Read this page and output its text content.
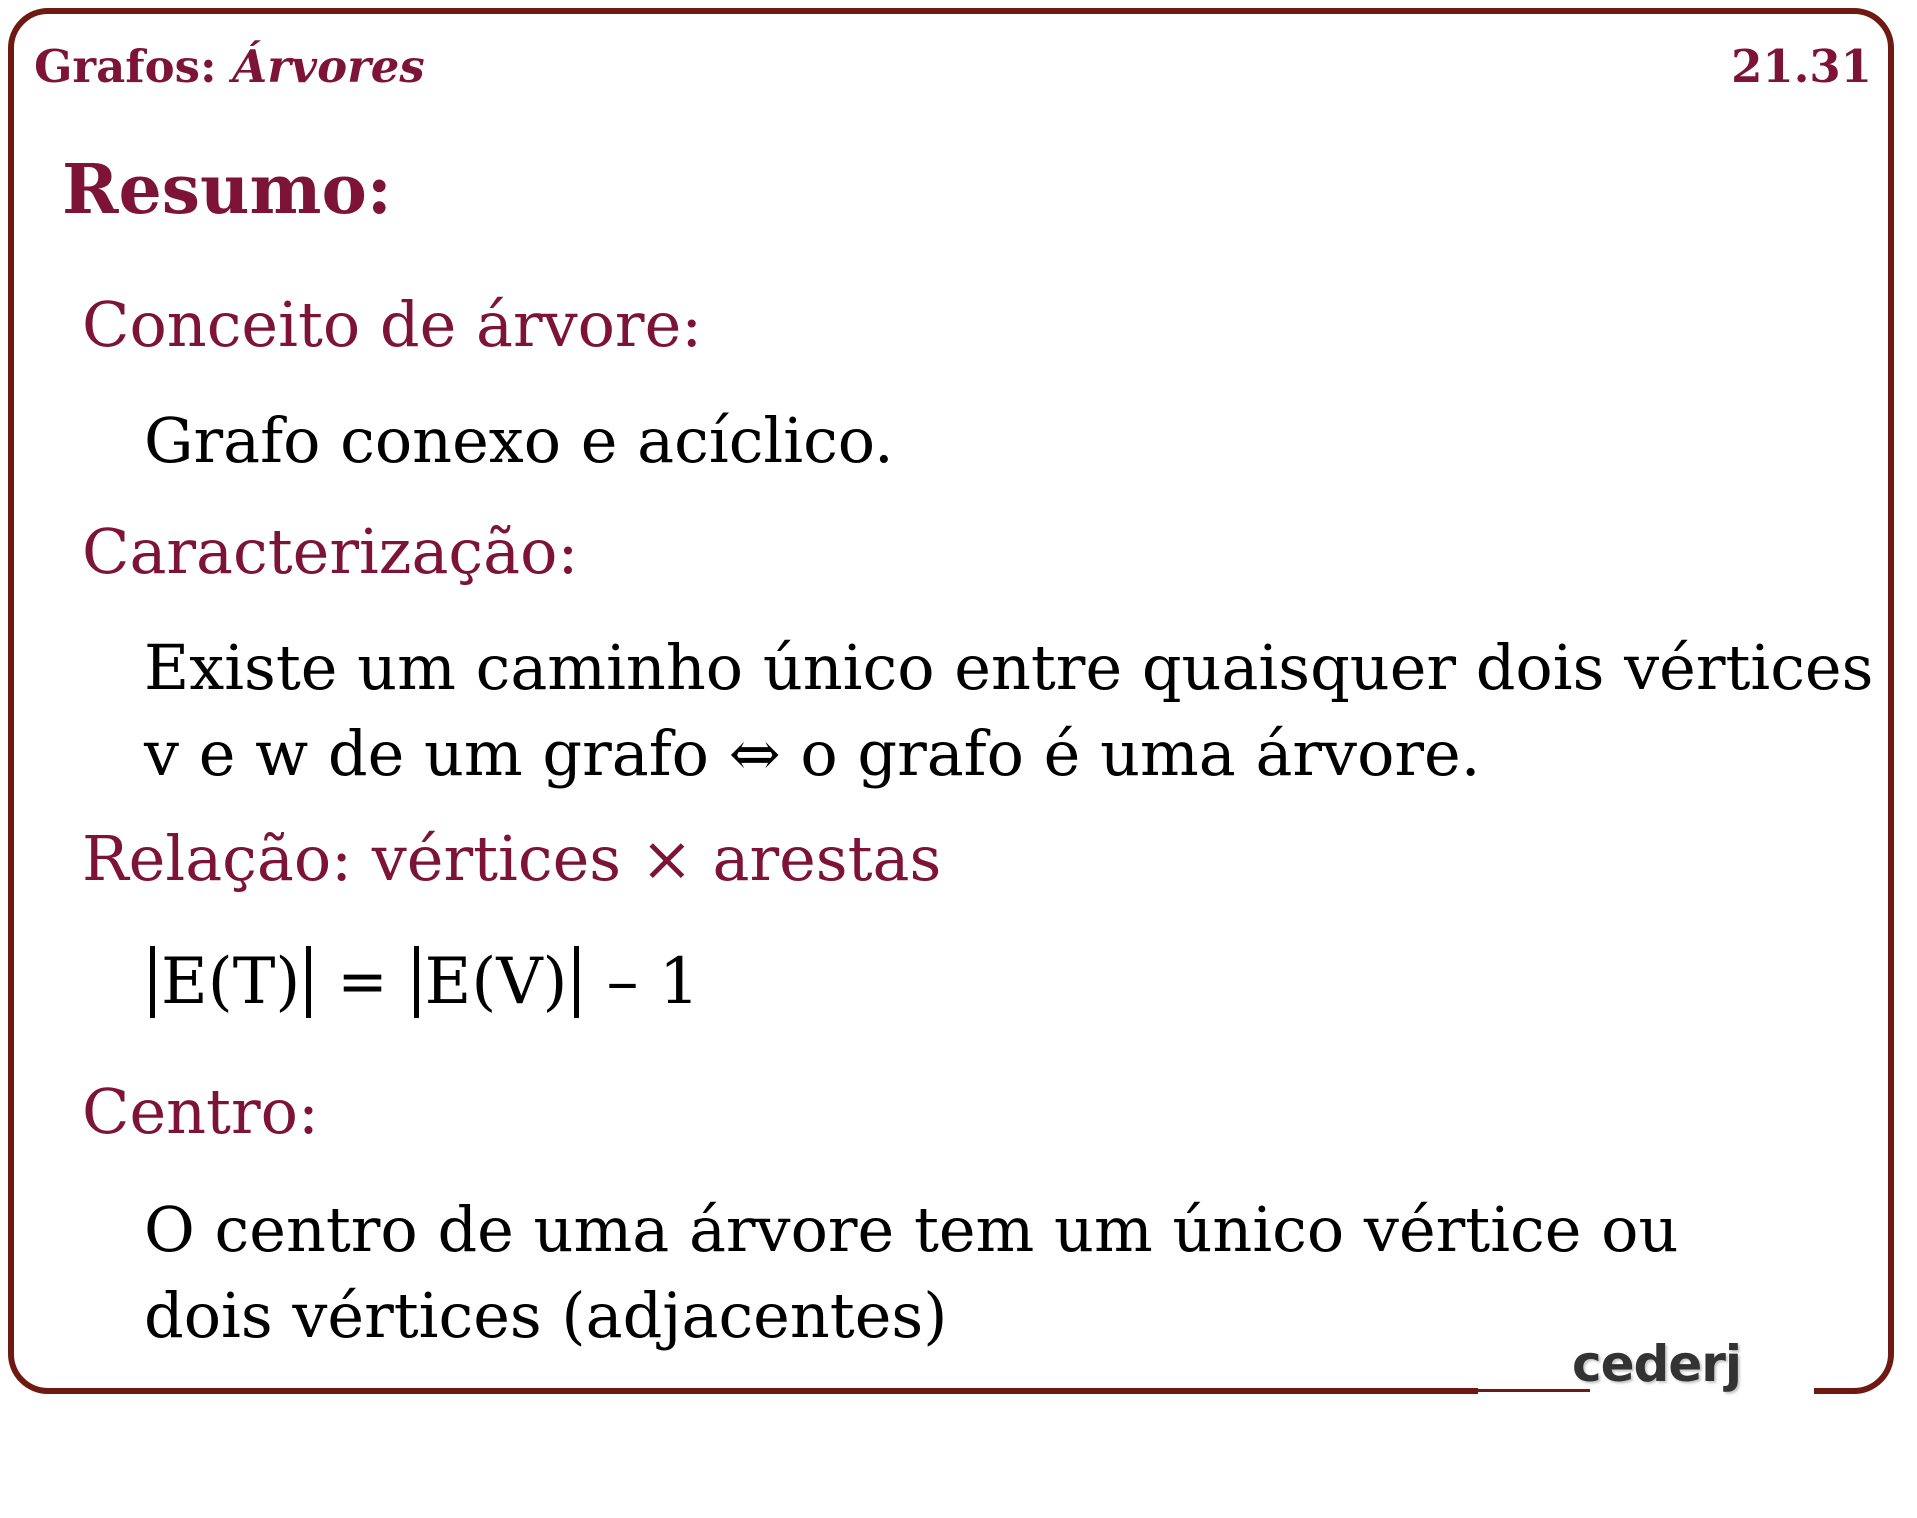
Grafos: Árvores	21.31
Resumo:
Conceito de árvore:
Grafo conexo e acíclico.
Caracterização:
Existe um caminho único entre quaisquer dois vértices
v e w de um grafo ⇔ o grafo é uma árvore.
Relação: vértices × arestas
E(T) = E(V) – 1
Centro:
O centro de uma árvore tem um único vértice ou
dois vértices (adjacentes)
cederj
